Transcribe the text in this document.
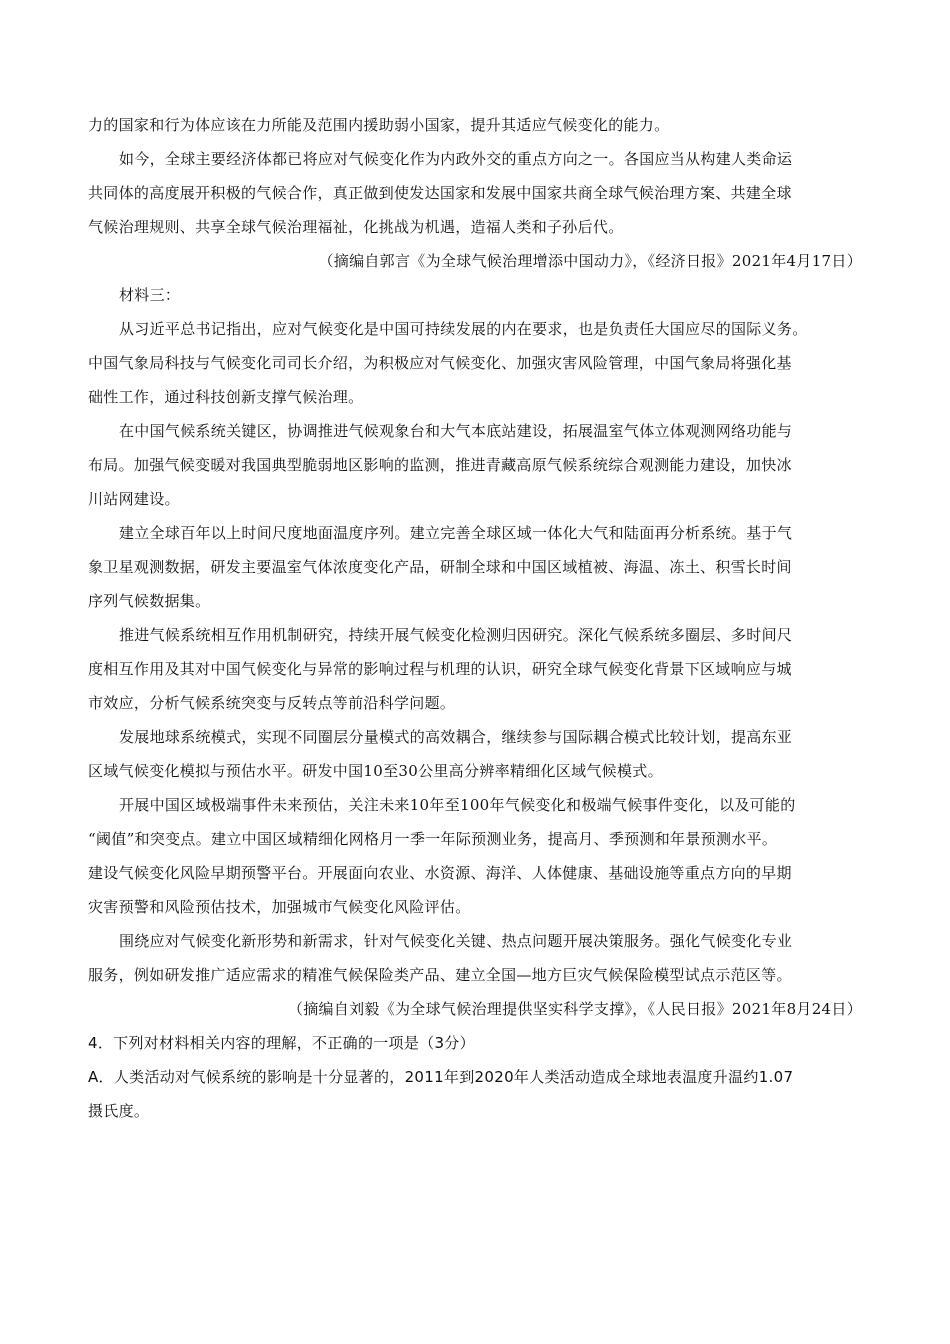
力的国家和行为体应该在力所能及范围内援助弱小国家，提升其适应气候变化的能力。
如今，全球主要经济体都已将应对气候变化作为内政外交的重点方向之一。各国应当从构建人类命运
共同体的高度展开积极的气候合作，真正做到使发达国家和发展中国家共商全球气候治理方案、共建全球
气候治理规则、共享全球气候治理福祉，化挑战为机遇，造福人类和子孙后代。
（摘编自郭言《为全球气候治理增添中国动力》，《经济日报》2021年4月17日）
材料三：
从习近平总书记指出，应对气候变化是中国可持续发展的内在要求，也是负责任大国应尽的国际义务。
中国气象局科技与气候变化司司长介绍，为积极应对气候变化、加强灾害风险管理，中国气象局将强化基
础性工作，通过科技创新支撑气候治理。
在中国气候系统关键区，协调推进气候观象台和大气本底站建设，拓展温室气体立体观测网络功能与
布局。加强气候变暖对我国典型脆弱地区影响的监测，推进青藏高原气候系统综合观测能力建设，加快冰
川站网建设。
建立全球百年以上时间尺度地面温度序列。建立完善全球区域一体化大气和陆面再分析系统。基于气
象卫星观测数据，研发主要温室气体浓度变化产品，研制全球和中国区域植被、海温、冻土、积雪长时间
序列气候数据集。
推进气候系统相互作用机制研究，持续开展气候变化检测归因研究。深化气候系统多圈层、多时间尺
度相互作用及其对中国气候变化与异常的影响过程与机理的认识，研究全球气候变化背景下区域响应与城
市效应，分析气候系统突变与反转点等前沿科学问题。
发展地球系统模式，实现不同圈层分量模式的高效耦合，继续参与国际耦合模式比较计划，提高东亚
区域气候变化模拟与预估水平。研发中国10至30公里高分辨率精细化区域气候模式。
开展中国区域极端事件未来预估，关注未来10年至100年气候变化和极端气候事件变化，以及可能的
“阈值”和突变点。建立中国区域精细化网格月一季一年际预测业务，提高月、季预测和年景预测水平。
建设气候变化风险早期预警平台。开展面向农业、水资源、海洋、人体健康、基础设施等重点方向的早期
灾害预警和风险预估技术，加强城市气候变化风险评估。
围绕应对气候变化新形势和新需求，针对气候变化关键、热点问题开展决策服务。强化气候变化专业
服务，例如研发推广适应需求的精准气候保险类产品、建立全国—地方巨灾气候保险模型试点示范区等。
（摘编自刘毅《为全球气候治理提供坚实科学支撑》，《人民日报》2021年8月24日）
4．下列对材料相关内容的理解，不正确的一项是（3分）
A．人类活动对气候系统的影响是十分显著的，2011年到2020年人类活动造成全球地表温度升温约1.07
摄氏度。
